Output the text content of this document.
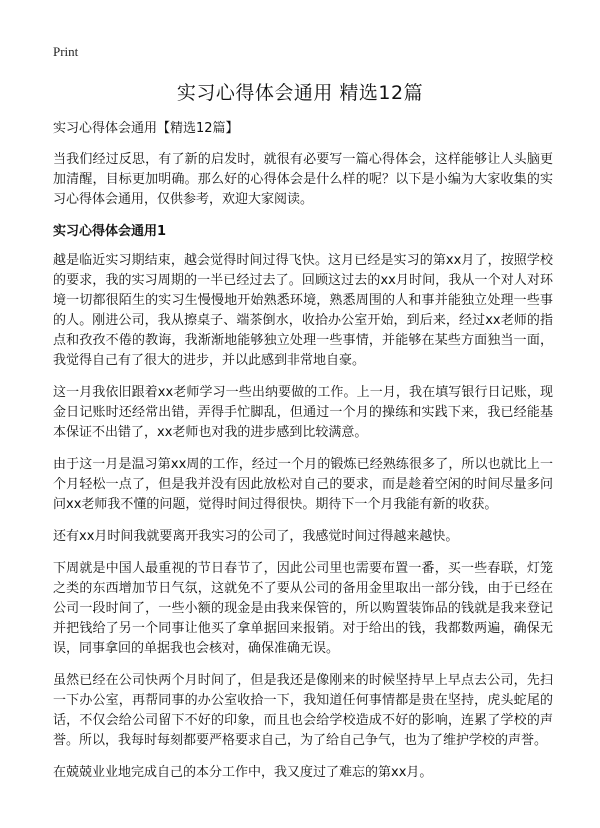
Print
实习心得体会通用 精选12篇

实习心得体会通用【精选12篇】

当我们经过反思，有了新的启发时，就很有必要写一篇心得体会，这样能够让人头脑更加清醒，目标更加明确。那么好的心得体会是什么样的呢？以下是小编为大家收集的实习心得体会通用，仅供参考，欢迎大家阅读。

实习心得体会通用1

越是临近实习期结束，越会觉得时间过得飞快。这月已经是实习的第xx月了，按照学校的要求，我的实习周期的一半已经过去了。回顾这过去的xx月时间，我从一个对人对环境一切都很陌生的实习生慢慢地开始熟悉环境，熟悉周围的人和事并能独立处理一些事的人。刚进公司，我从擦桌子、端茶倒水，收拾办公室开始，到后来，经过xx老师的指点和孜孜不倦的教诲，我渐渐地能够独立处理一些事情，并能够在某些方面独当一面，我觉得自己有了很大的进步，并以此感到非常地自豪。

这一月我依旧跟着xx老师学习一些出纳要做的工作。上一月，我在填写银行日记账，现金日记账时还经常出错，弄得手忙脚乱，但通过一个月的操练和实践下来，我已经能基本保证不出错了，xx老师也对我的进步感到比较满意。

由于这一月是温习第xx周的工作，经过一个月的锻炼已经熟练很多了，所以也就比上一个月轻松一点了，但是我并没有因此放松对自己的要求，而是趁着空闲的时间尽量多问问xx老师我不懂的问题，觉得时间过得很快。期待下一个月我能有新的收获。

还有xx月时间我就要离开我实习的公司了，我感觉时间过得越来越快。

下周就是中国人最重视的节日春节了，因此公司里也需要布置一番，买一些春联，灯笼之类的东西增加节日气氛，这就免不了要从公司的备用金里取出一部分钱，由于已经在公司一段时间了，一些小额的现金是由我来保管的，所以购置装饰品的钱就是我来登记并把钱给了另一个同事让他买了拿单据回来报销。对于给出的钱，我都数两遍，确保无误，同事拿回的单据我也会核对，确保准确无误。

虽然已经在公司快两个月时间了，但是我还是像刚来的时候坚持早上早点去公司，先扫一下办公室，再帮同事的办公室收拾一下，我知道任何事情都是贵在坚持，虎头蛇尾的话，不仅会给公司留下不好的印象，而且也会给学校造成不好的影响，连累了学校的声誉。所以，我每时每刻都要严格要求自己，为了给自己争气，也为了维护学校的声誉。

在兢兢业业地完成自己的本分工作中，我又度过了难忘的第xx月。
